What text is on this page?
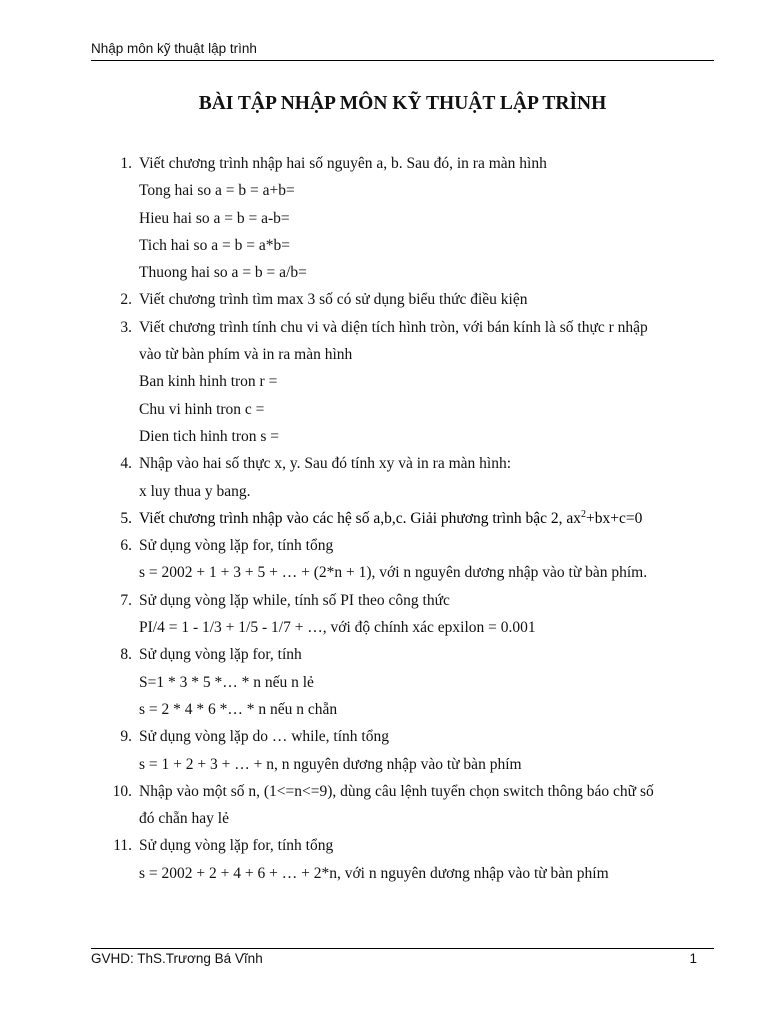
Nhập môn kỹ thuật lập trình
BÀI TẬP NHẬP MÔN KỸ THUẬT LẬP TRÌNH
1. Viết chương trình nhập hai số nguyên a, b. Sau đó, in ra màn hình
Tong hai so a = b = a+b=
Hieu hai so a = b = a-b=
Tich hai so a = b = a*b=
Thuong hai so a = b = a/b=
2. Viết chương trình tìm max 3 số có sử dụng biểu thức điều kiện
3. Viết chương trình tính chu vi và diện tích hình tròn, với bán kính là số thực r nhập
vào từ bàn phím và in ra màn hình
Ban kinh hinh tron r =
Chu vi hinh tron c =
Dien tich hinh tron s =
4. Nhập vào hai số thực x, y. Sau đó tính xy và in ra màn hình:
x luy thua y bang.
5. Viết chương trình nhập vào các hệ số a,b,c. Giải phương trình bậc 2, $ax^2+bx+c=0$
6. Sử dụng vòng lặp for, tính tổng
s = 2002 + 1 + 3 + 5 + … + (2*n + 1), với n nguyên dương nhập vào từ bàn phím.
7. Sử dụng vòng lặp while, tính số PI theo công thức
PI/4 = 1 - 1/3 + 1/5 - 1/7 + …, với độ chính xác epxilon = 0.001
8. Sử dụng vòng lặp for, tính
S=1 * 3 * 5 *… * n nếu n lẻ
s = 2 * 4 * 6 *… * n nếu n chẵn
9. Sử dụng vòng lặp do … while, tính tổng
s = 1 + 2 + 3 + … + n, n nguyên dương nhập vào từ bàn phím
10. Nhập vào một số n, (1<=n<=9), dùng câu lệnh tuyển chọn switch thông báo chữ số
đó chẵn hay lẻ
11. Sử dụng vòng lặp for, tính tổng
s = 2002 + 2 + 4 + 6 + … + 2*n, với n nguyên dương nhập vào từ bàn phím
GVHD: ThS.Trương Bá Vĩnh	1
